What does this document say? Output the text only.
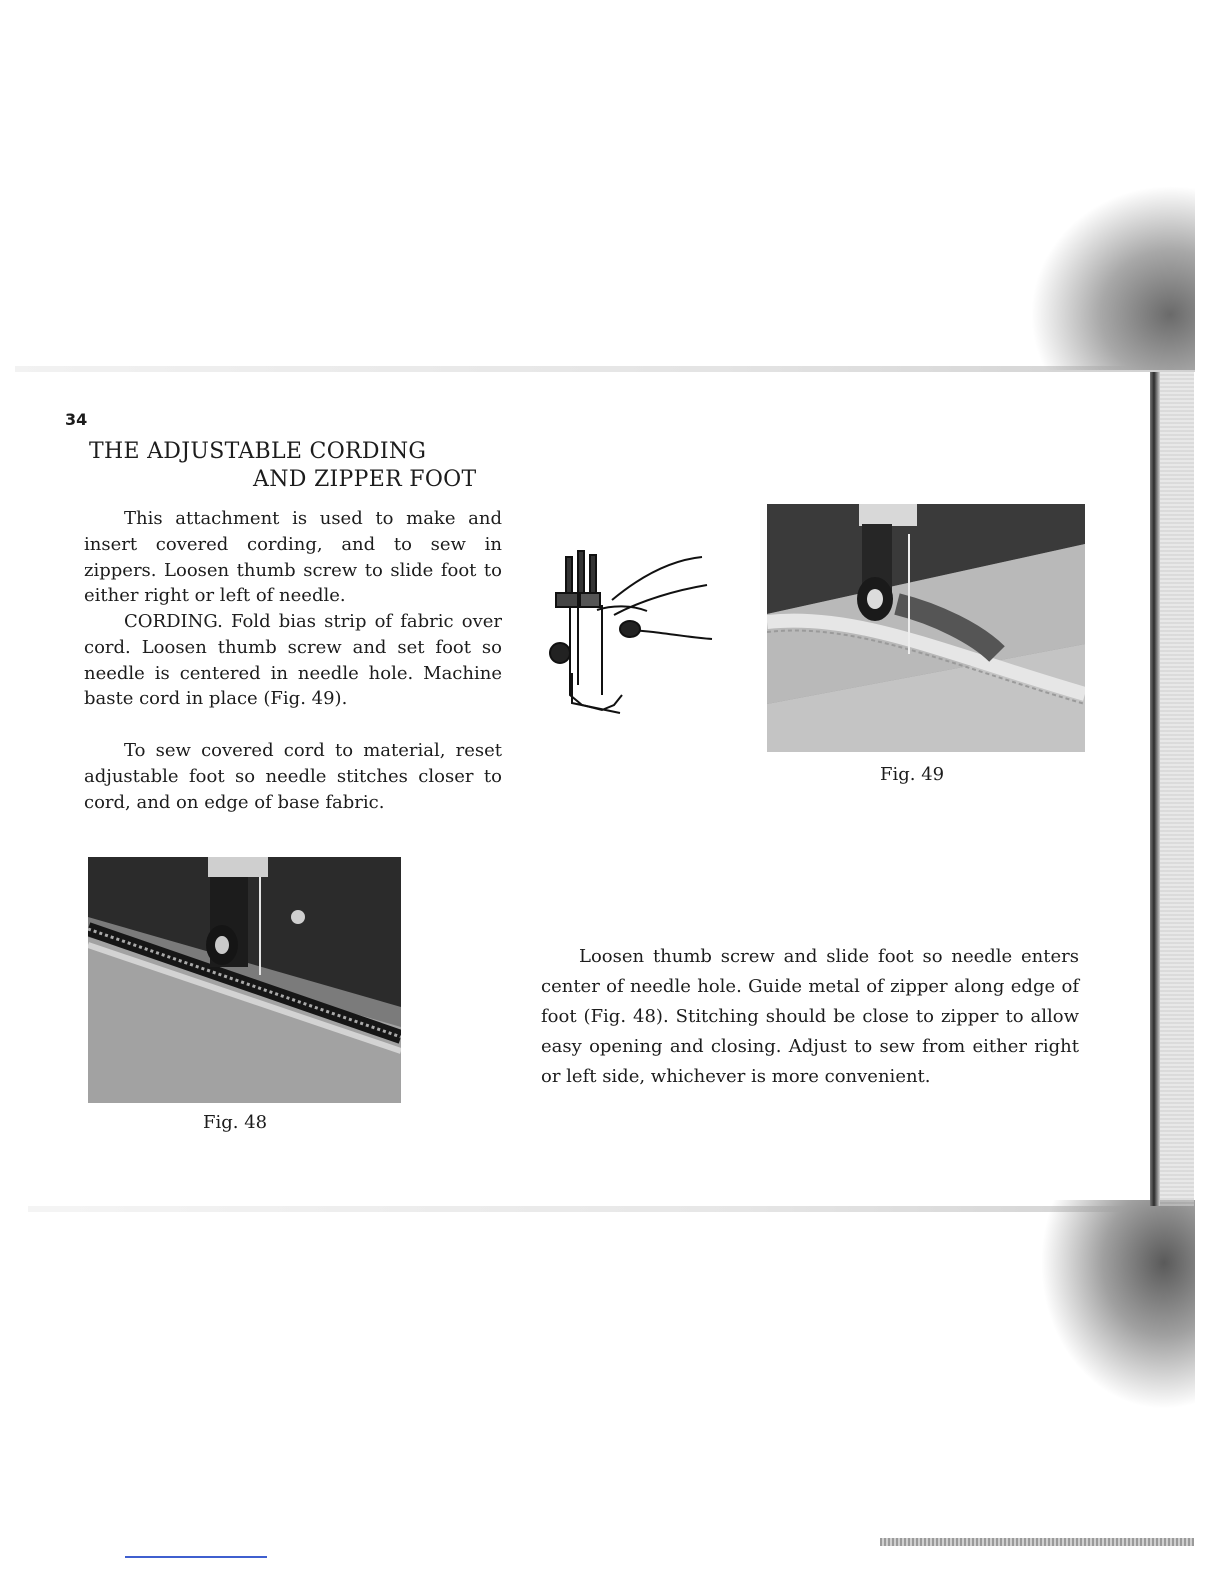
34
THE ADJUSTABLE CORDING
AND ZIPPER FOOT

This attachment is used to make and insert covered cording, and to sew in zippers. Loosen thumb screw to slide foot to either right or left of needle.

CORDING. Fold bias strip of fabric over cord. Loosen thumb screw and set foot so needle is centered in needle hole. Machine baste cord in place (Fig. 49).

To sew covered cord to material, reset adjustable foot so needle stitches closer to cord, and on edge of base fabric.

Fig. 49
Fig. 48
Loosen thumb screw and slide foot so needle enters center of needle hole. Guide metal of zipper along edge of foot (Fig. 48). Stitching should be close to zipper to allow easy opening and closing. Adjust to sew from either right or left side, whichever is more convenient.
